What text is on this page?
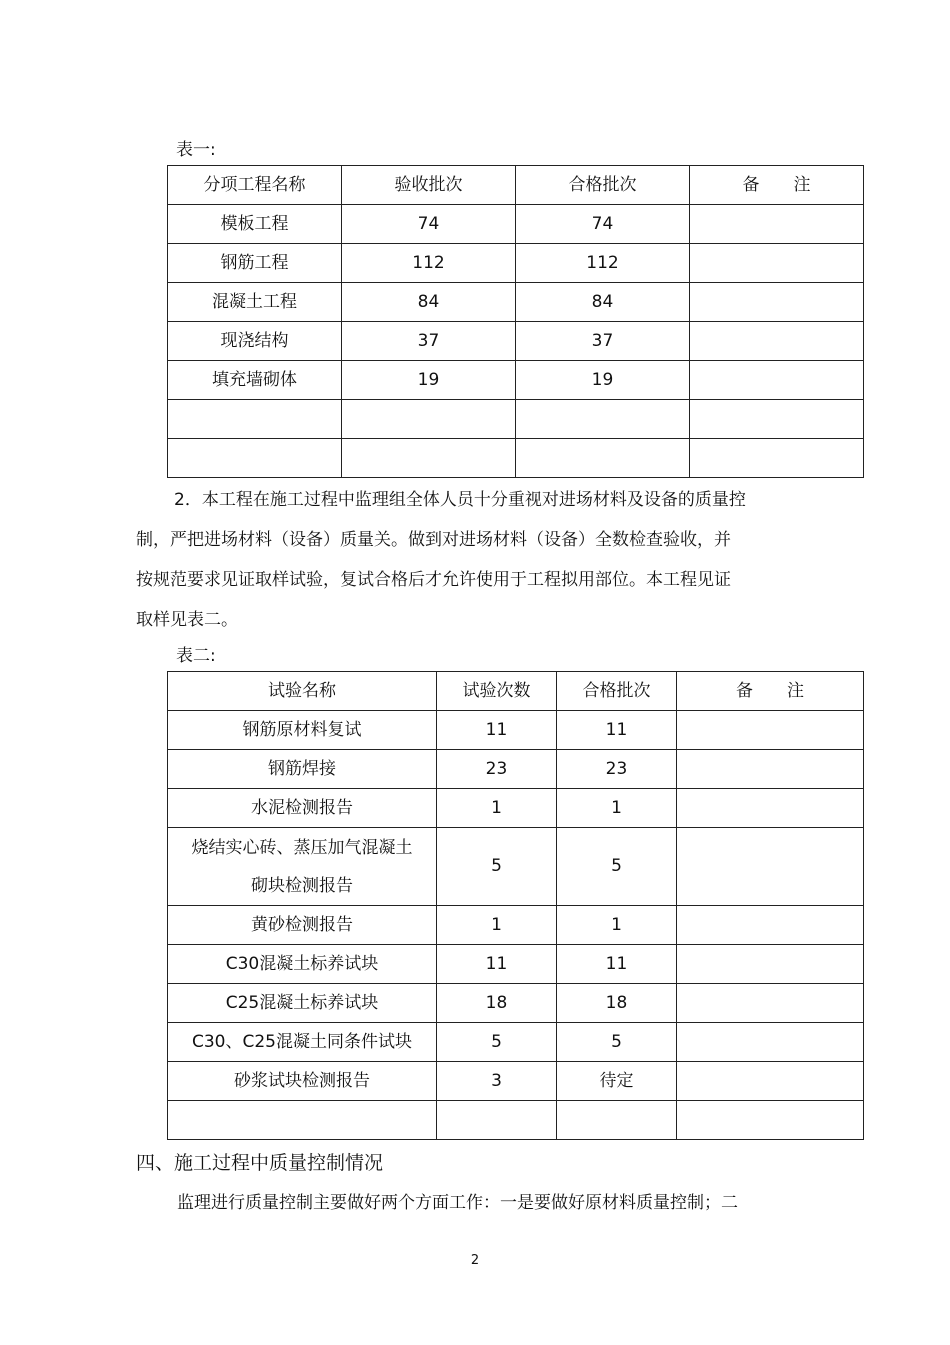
表一:
分项工程名称	验收批次	合格批次	备　　注
模板工程	74	74	
钢筋工程	112	112	
混凝土工程	84	84	
现浇结构	37	37	
填充墙砌体	19	19	

2．本工程在施工过程中监理组全体人员十分重视对进场材料及设备的质量控
制，严把进场材料（设备）质量关。做到对进场材料（设备）全数检查验收，并
按规范要求见证取样试验，复试合格后才允许使用于工程拟用部位。本工程见证
取样见表二。
表二:
试验名称	试验次数	合格批次	备　　注
钢筋原材料复试	11	11	
钢筋焊接	23	23	
水泥检测报告	1	1	

烧结实心砖、蒸压加气混凝土
砌块检测报告	5	5	
黄砂检测报告	1	1	
C30混凝土标养试块	11	11	
C25混凝土标养试块	18	18	
C30、C25混凝土同条件试块	5	5	
砂浆试块检测报告	3	待定	

四、施工过程中质量控制情况
监理进行质量控制主要做好两个方面工作：一是要做好原材料质量控制；二
2
